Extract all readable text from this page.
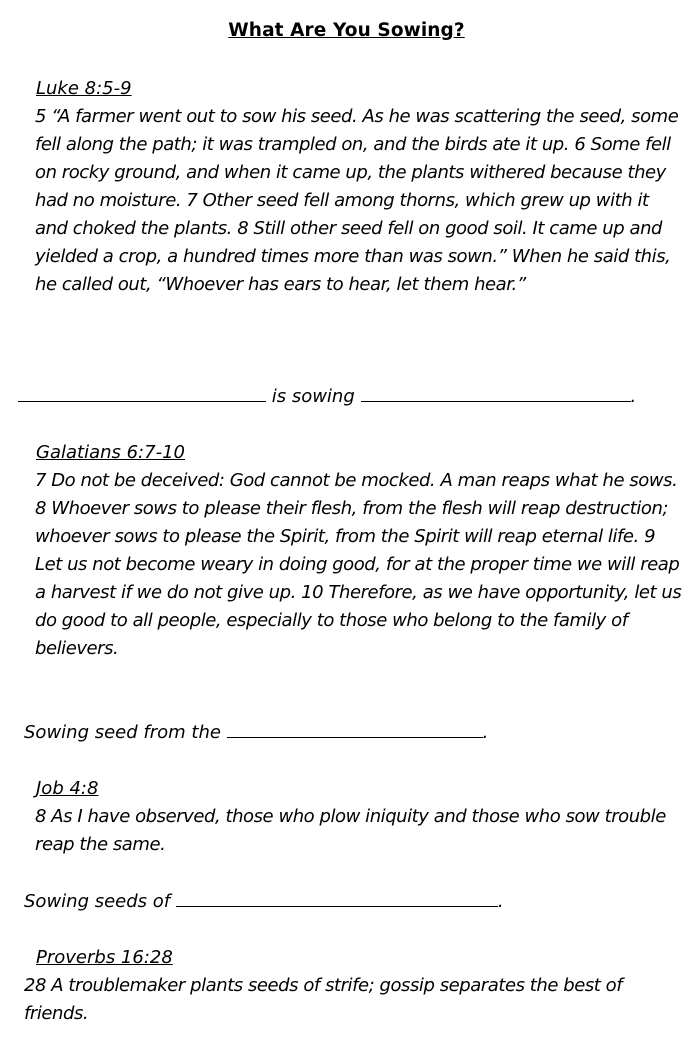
What Are You Sowing?
Luke 8:5-9

5 “A farmer went out to sow his seed. As he was scattering the seed, some fell along the path; it was trampled on, and the birds ate it up. 6 Some fell on rocky ground, and when it came up, the plants withered because they had no moisture. 7 Other seed fell among thorns, which grew up with it and choked the plants. 8 Still other seed fell on good soil. It came up and yielded a crop, a hundred times more than was sown.” When he said this, he called out, “Whoever has ears to hear, let them hear.”

is sowing	.
Galatians 6:7-10

7 Do not be deceived: God cannot be mocked. A man reaps what he sows. 8 Whoever sows to please their flesh, from the flesh will reap destruction; whoever sows to please the Spirit, from the Spirit will reap eternal life. 9 Let us not become weary in doing good, for at the proper time we will reap a harvest if we do not give up. 10 Therefore, as we have opportunity, let us do good to all people, especially to those who belong to the family of believers.

Sowing seed from the	.
Job 4:8

8 As I have observed, those who plow iniquity and those who sow trouble reap the same.

Sowing seeds of	.
Proverbs 16:28

28 A troublemaker plants seeds of strife; gossip separates the best of friends.
